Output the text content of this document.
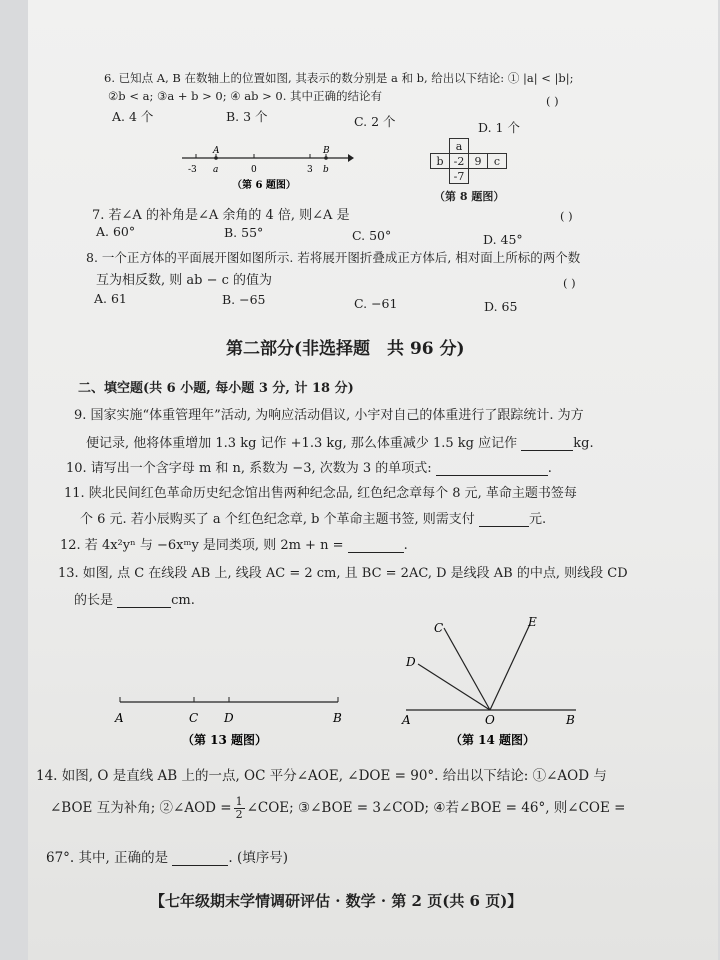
6. 已知点 A, B 在数轴上的位置如图, 其表示的数分别是 a 和 b, 给出以下结论: ① |a| < |b|;
②b < a; ③a + b > 0; ④ ab > 0. 其中正确的结论有	( )
A. 4 个	B. 3 个	C. 2 个	D. 1 个
A	B
-3 a	0	3 b
（第 6 题图）
	a		
b	-2	9	c
	-7		
（第 8 题图）
7. 若∠A 的补角是∠A 余角的 4 倍, 则∠A 是	( )
A. 60°	B. 55°	C. 50°	D. 45°
8. 一个正方体的平面展开图如图所示. 若将展开图折叠成正方体后, 相对面上所标的两个数
互为相反数, 则 ab − c 的值为	( )
A. 61	B. −65	C. −61	D. 65
第二部分(非选择题　共 96 分)
二、填空题(共 6 小题, 每小题 3 分, 计 18 分)
9. 国家实施“体重管理年”活动, 为响应活动倡议, 小宇对自己的体重进行了跟踪统计. 为方
便记录, 他将体重增加 1.3 kg 记作 +1.3 kg, 那么体重减少 1.5 kg 应记作	kg.
10. 请写出一个含字母 m 和 n, 系数为 −3, 次数为 3 的单项式:	.
11. 陕北民间红色革命历史纪念馆出售两种纪念品, 红色纪念章每个 8 元, 革命主题书签每
个 6 元. 若小辰购买了 a 个红色纪念章, b 个革命主题书签, 则需支付	元.
12. 若 4x²yⁿ 与 −6xᵐy 是同类项, 则 2m + n =	.
13. 如图, 点 C 在线段 AB 上, 线段 AC = 2 cm, 且 BC = 2AC, D 是线段 AB 的中点, 则线段 CD
的长是	cm.
A	C D	B
（第 13 题图）
C	E
D
A	O	B
（第 14 题图）
14. 如图, O 是直线 AB 上的一点, OC 平分∠AOE, ∠DOE = 90°. 给出以下结论: ①∠AOD 与
∠BOE 互为补角; ②∠AOD = $\frac{1}{2}$ ∠COE; ③∠BOE = 3∠COD; ④若∠BOE = 46°, 则∠COE =
67°. 其中, 正确的是	. (填序号)
【七年级期末学情调研评估 · 数学 · 第 2 页(共 6 页)】
